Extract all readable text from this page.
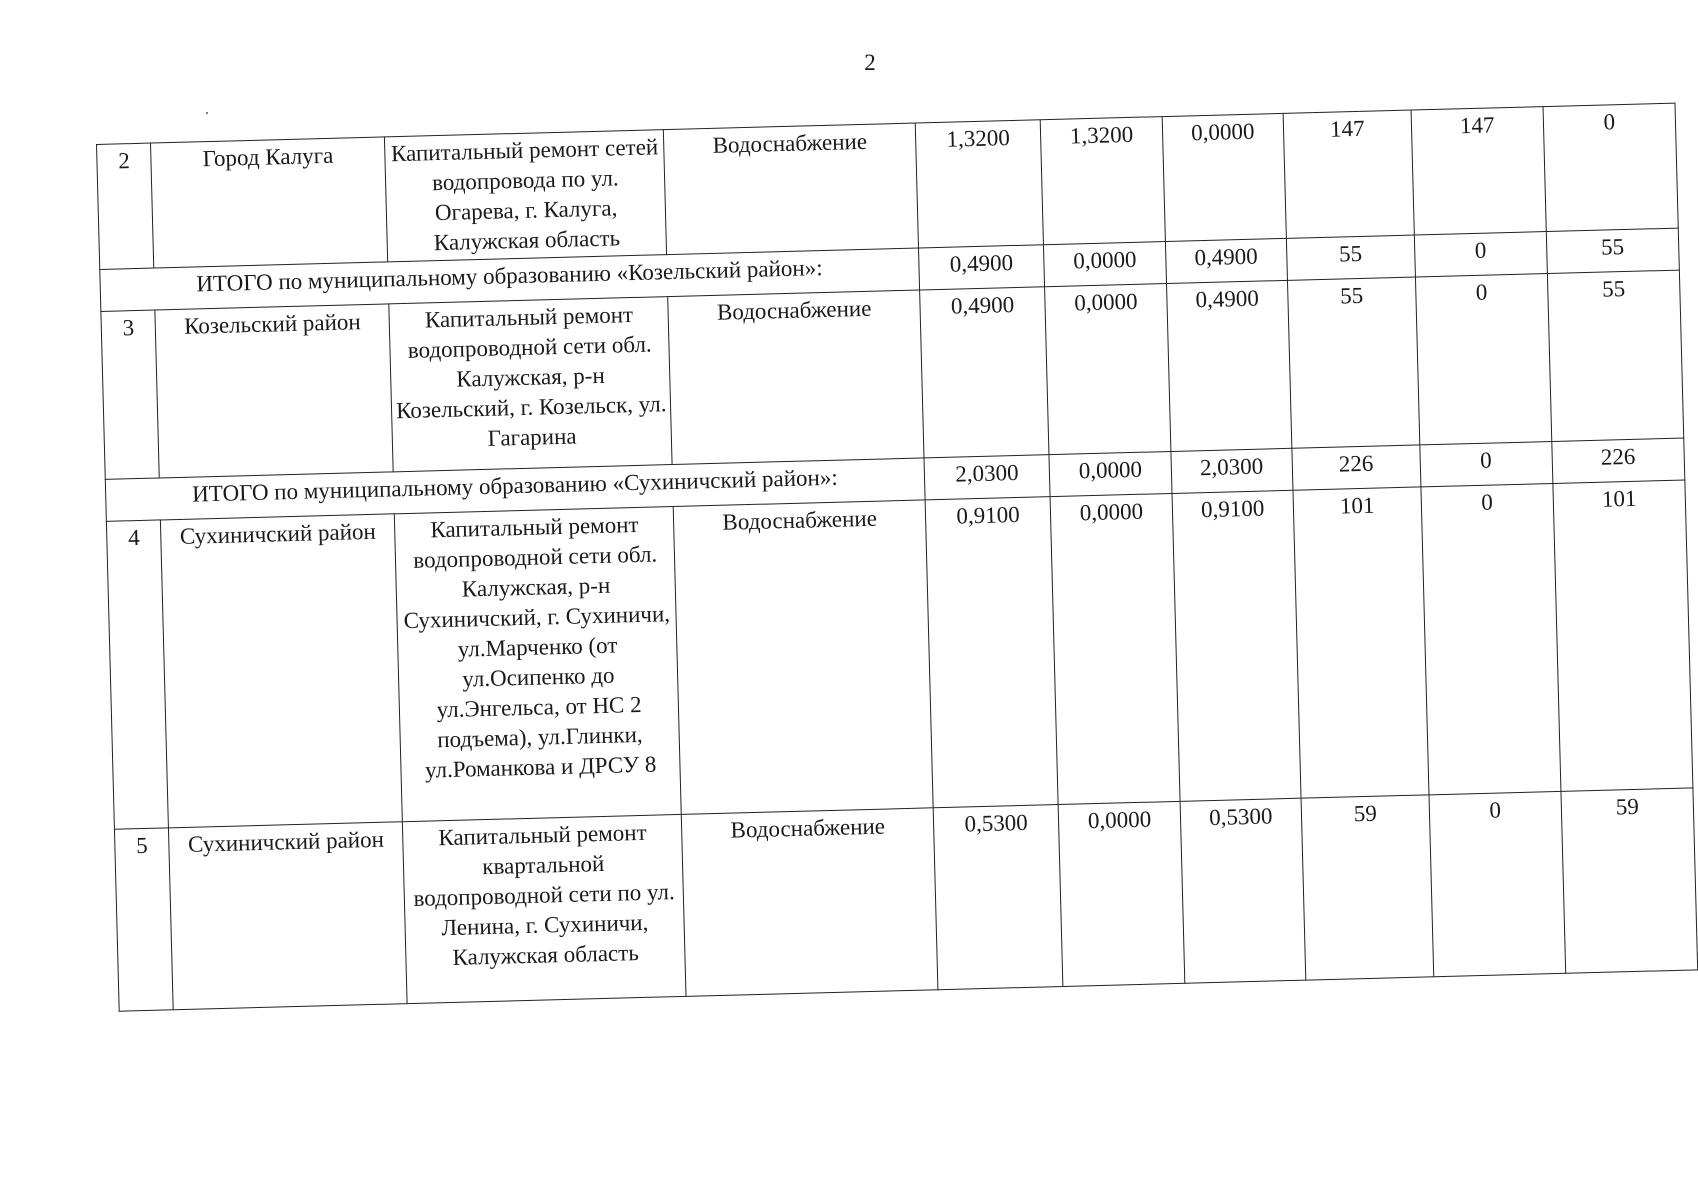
2
2	Город Калуга	Капитальный ремонт сетей водопровода по ул. Огарева, г. Калуга, Калужская область	Водоснабжение	1,3200	1,3200	0,0000	147	147	0
ИТОГО по муниципальному образованию «Козельский район»:				0,4900	0,0000	0,4900	55	0	55
3	Козельский район	Капитальный ремонт водопроводной сети обл. Калужская, р-н Козельский, г. Козельск, ул. Гагарина	Водоснабжение	0,4900	0,0000	0,4900	55	0	55
ИТОГО по муниципальному образованию «Сухиничский район»:				2,0300	0,0000	2,0300	226	0	226
4	Сухиничский район	Капитальный ремонт водопроводной сети обл. Калужская, р-н Сухиничский, г. Сухиничи, ул.Марченко (от ул.Осипенко до ул.Энгельса, от НС 2 подъема), ул.Глинки, ул.Романкова и ДРСУ 8	Водоснабжение	0,9100	0,0000	0,9100	101	0	101
5	Сухиничский район	Капитальный ремонт квартальной водопроводной сети по ул. Ленина, г. Сухиничи, Калужская область	Водоснабжение	0,5300	0,0000	0,5300	59	0	59
